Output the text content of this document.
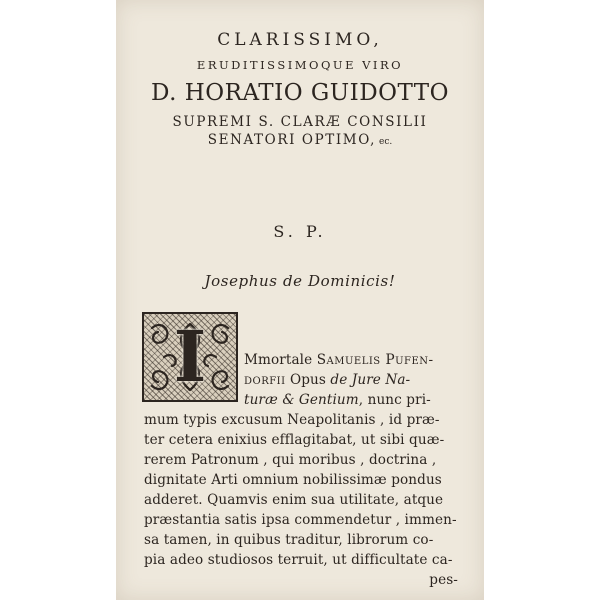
CLARISSIMO,
ERUDITISSIMOQUE VIRO
D. HORATIO GUIDOTTO
SUPREMI S. CLARÆ CONSILII
SENATORI OPTIMO, ec.
S. P.
Josephus de Dominicis!
I	Mmortale Samuelis Pufen-
dorfii Opus de Jure Na-
turæ & Gentium, nunc pri-
mum typis excusum Neapolitanis , id præ-
ter cetera enixius efflagitabat, ut sibi quæ-
rerem Patronum , qui moribus , doctrina ,
dignitate Arti omnium nobilissimæ pondus
adderet. Quamvis enim sua utilitate, atque
præstantia satis ipsa commendetur , immen-
sa tamen, in quibus traditur, librorum co-
pia adeo studiosos terruit, ut difficultate ca-
pes-
